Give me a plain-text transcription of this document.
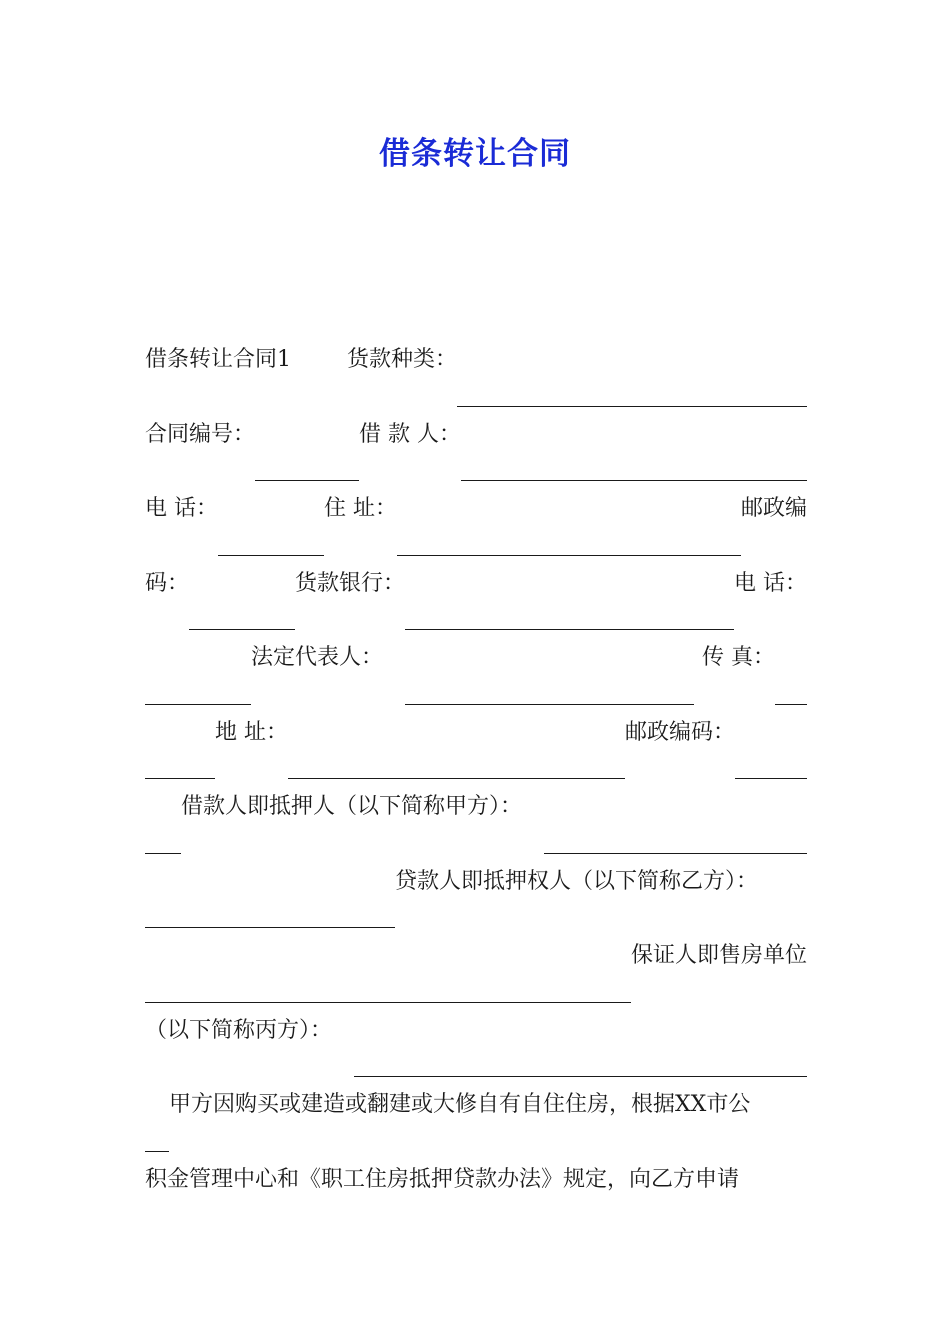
借条转让合同
借条转让合同1	货款种类：
合同编号：	借 款 人：
电 话：	住 址：	邮政编
码：	货款银行：	电 话：
法定代表人：	传 真：
地 址：	邮政编码：
借款人即抵押人（以下简称甲方）：
贷款人即抵押权人（以下简称乙方）：
保证人即售房单位
（以下简称丙方）：
甲方因购买或建造或翻建或大修自有自住住房，根据XX市公
积金管理中心和《职工住房抵押贷款办法》规定，向乙方申请
